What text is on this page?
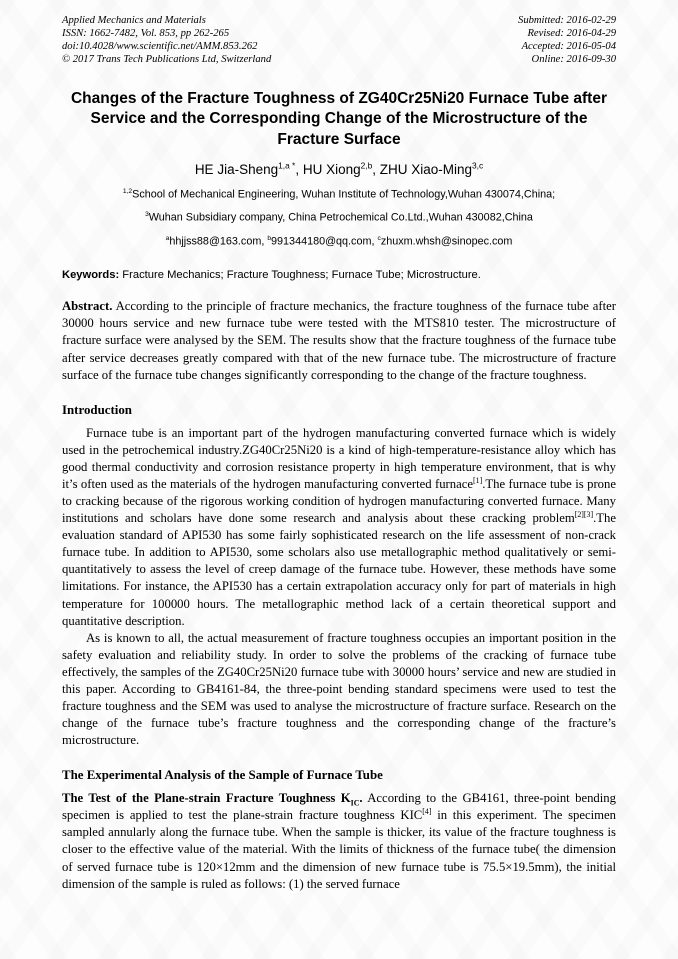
Applied Mechanics and Materials
ISSN: 1662-7482, Vol. 853, pp 262-265
doi:10.4028/www.scientific.net/AMM.853.262
© 2017 Trans Tech Publications Ltd, Switzerland
Submitted: 2016-02-29
Revised: 2016-04-29
Accepted: 2016-05-04
Online: 2016-09-30
Changes of the Fracture Toughness of ZG40Cr25Ni20 Furnace Tube after Service and the Corresponding Change of the Microstructure of the Fracture Surface
HE Jia-Sheng$^{1,a *}$, HU Xiong$^{2,b}$, ZHU Xiao-Ming$^{3,c}$
$^{1,2}$School of Mechanical Engineering, Wuhan Institute of Technology,Wuhan 430074,China;
$^3$Wuhan Subsidiary company, China Petrochemical Co.Ltd.,Wuhan 430082,China
$^a$hhjjss88@163.com, $^b$991344180@qq.com, $^c$zhuxm.whsh@sinopec.com
Keywords: Fracture Mechanics; Fracture Toughness; Furnace Tube; Microstructure.
Abstract. According to the principle of fracture mechanics, the fracture toughness of the furnace tube after 30000 hours service and new furnace tube were tested with the MTS810 tester. The microstructure of fracture surface were analysed by the SEM. The results show that the fracture toughness of the furnace tube after service decreases greatly compared with that of the new furnace tube. The microstructure of fracture surface of the furnace tube changes significantly corresponding to the change of the fracture toughness.
Introduction
Furnace tube is an important part of the hydrogen manufacturing converted furnace which is widely used in the petrochemical industry.ZG40Cr25Ni20 is a kind of high-temperature-resistance alloy which has good thermal conductivity and corrosion resistance property in high temperature environment, that is why it’s often used as the materials of the hydrogen manufacturing converted furnace[1].The furnace tube is prone to cracking because of the rigorous working condition of hydrogen manufacturing converted furnace. Many institutions and scholars have done some research and analysis about these cracking problem[2][3].The evaluation standard of API530 has some fairly sophisticated research on the life assessment of non-crack furnace tube. In addition to API530, some scholars also use metallographic method qualitatively or semi-quantitatively to assess the level of creep damage of the furnace tube. However, these methods have some limitations. For instance, the API530 has a certain extrapolation accuracy only for part of materials in high temperature for 100000 hours. The metallographic method lack of a certain theoretical support and quantitative description.
As is known to all, the actual measurement of fracture toughness occupies an important position in the safety evaluation and reliability study. In order to solve the problems of the cracking of furnace tube effectively, the samples of the ZG40Cr25Ni20 furnace tube with 30000 hours’ service and new are studied in this paper. According to GB4161-84, the three-point bending standard specimens were used to test the fracture toughness and the SEM was used to analyse the microstructure of fracture surface. Research on the change of the furnace tube’s fracture toughness and the corresponding change of the fracture’s microstructure.
The Experimental Analysis of the Sample of Furnace Tube
The Test of the Plane-strain Fracture Toughness $K_{IC}$. According to the GB4161, three-point bending specimen is applied to test the plane-strain fracture toughness KIC[4] in this experiment. The specimen sampled annularly along the furnace tube. When the sample is thicker, its value of the fracture toughness is closer to the effective value of the material. With the limits of thickness of the furnace tube( the dimension of served furnace tube is 120×12mm and the dimension of new furnace tube is 75.5×19.5mm), the initial dimension of the sample is ruled as follows: (1) the served furnace
